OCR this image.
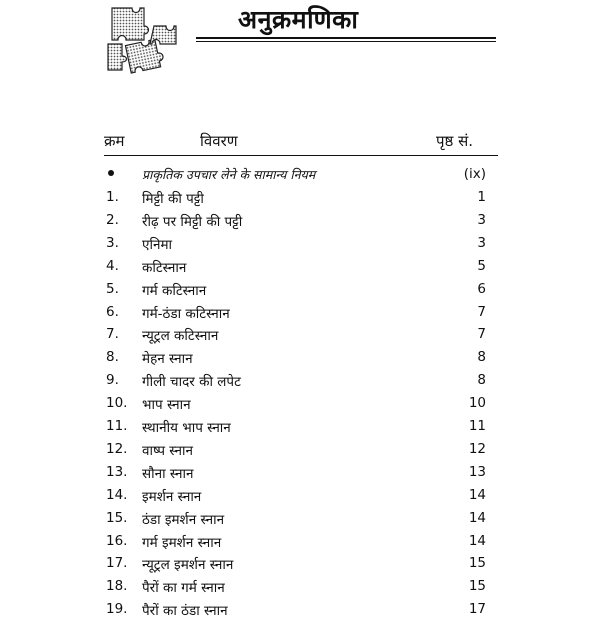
अनुक्रमणिका
क्रम	विवरण	पृष्ठ सं.
प्राकृतिक उपचार लेने के सामान्य नियम	(ix)
1. मिट्टी की पट्टी	1
2. रीढ़ पर मिट्टी की पट्टी	3
3. एनिमा	3
4. कटिस्नान	5
5. गर्म कटिस्नान	6
6. गर्म-ठंडा कटिस्नान	7
7. न्यूट्रल कटिस्नान	7
8. मेहन स्नान	8
9. गीली चादर की लपेट	8
10. भाप स्नान	10
11. स्थानीय भाप स्नान	11
12. वाष्प स्नान	12
13. सौना स्नान	13
14. इमर्शन स्नान	14
15. ठंडा इमर्शन स्नान	14
16. गर्म इमर्शन स्नान	14
17. न्यूट्रल इमर्शन स्नान	15
18. पैरों का गर्म स्नान	15
19. पैरों का ठंडा स्नान	17
